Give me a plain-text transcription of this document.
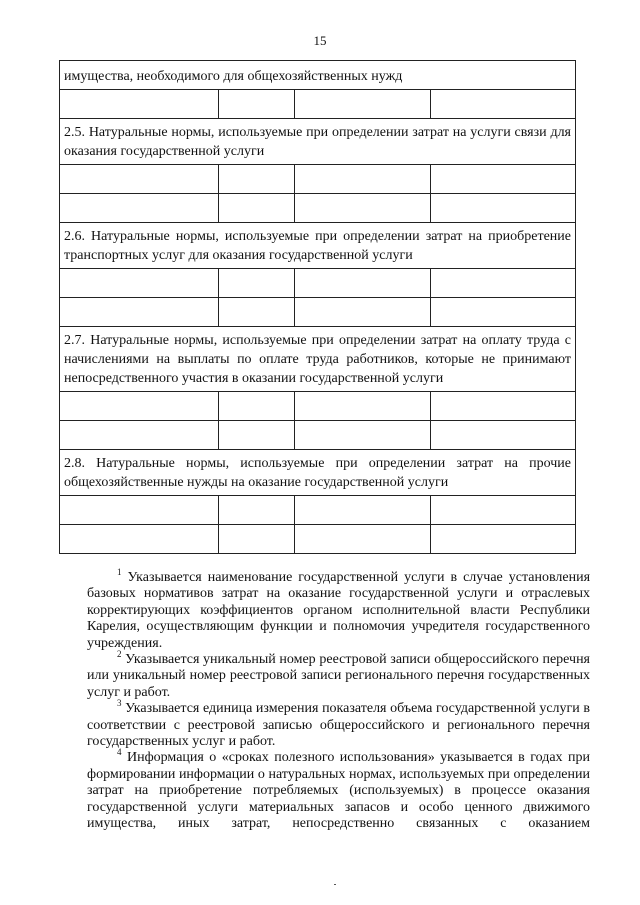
15
имущества, необходимого для общехозяйственных нужд			

2.5. Натуральные нормы, используемые при определении затрат на услуги связи для оказания государственной услуги			

2.6. Натуральные нормы, используемые при определении затрат на приобретение транспортных услуг для оказания государственной услуги			

2.7. Натуральные нормы, используемые при определении затрат на оплату труда с начислениями на выплаты по оплате труда работников, которые не принимают непосредственного участия в оказании государственной услуги			

2.8. Натуральные нормы, используемые при определении затрат на прочие общехозяйственные нужды на оказание государственной услуги			

$^1$ Указывается наименование государственной услуги в случае установления базовых нормативов затрат на оказание государственной услуги и отраслевых корректирующих коэффициентов органом исполнительной власти Республики Карелия, осуществляющим функции и полномочия учредителя государственного учреждения.

$^2$ Указывается уникальный номер реестровой записи общероссийского перечня или уникальный номер реестровой записи регионального перечня государственных услуг и работ.

$^3$ Указывается единица измерения показателя объема государственной услуги в соответствии с реестровой записью общероссийского и регионального перечня государственных услуг и работ.

$^4$ Информация о «сроках полезного использования» указывается в годах при формировании информации о натуральных нормах, используемых при определении затрат на приобретение потребляемых (используемых) в процессе оказания государственной услуги материальных запасов и особо ценного движимого имущества, иных затрат, непосредственно связанных с оказанием
